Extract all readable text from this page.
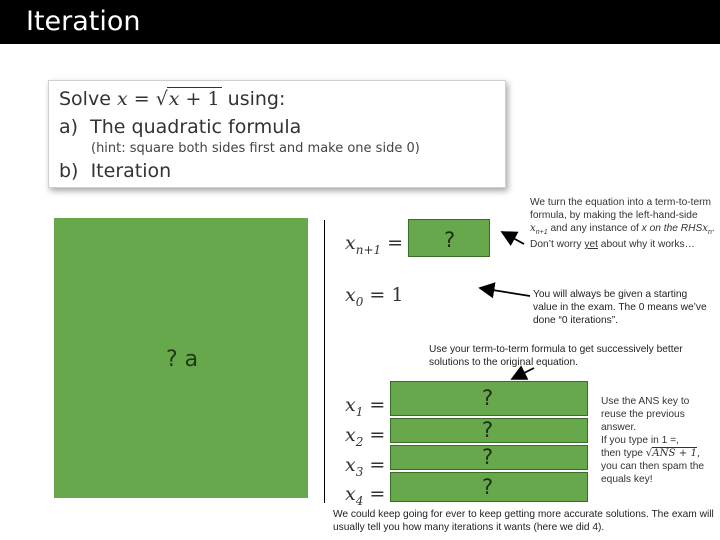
Iteration
Solve x = √x + 1 using:
a) The quadratic formula
(hint: square both sides first and make one side 0)
b) Iteration
? a
$x_{n+1}$ = ?
$x_0 = 1$
$x_1$ =
$x_2$ =
$x_3$ =
$x_4$ =
?
?
?
?
We turn the equation into a term-to-term formula, by making the left-hand-side $x_{n+1}$ and any instance of x on the RHSx$_n$. Don’t worry yet about why it works…
You will always be given a starting value in the exam. The 0 means we’ve done “0 iterations”.
Use your term-to-term formula to get successively better solutions to the original equation.
Use the ANS key to reuse the previous answer.
If you type in 1 =,
then type √ANS + 1, you can then spam the equals key!
We could keep going for ever to keep getting more accurate solutions. The exam will usually tell you how many iterations it wants (here we did 4).
